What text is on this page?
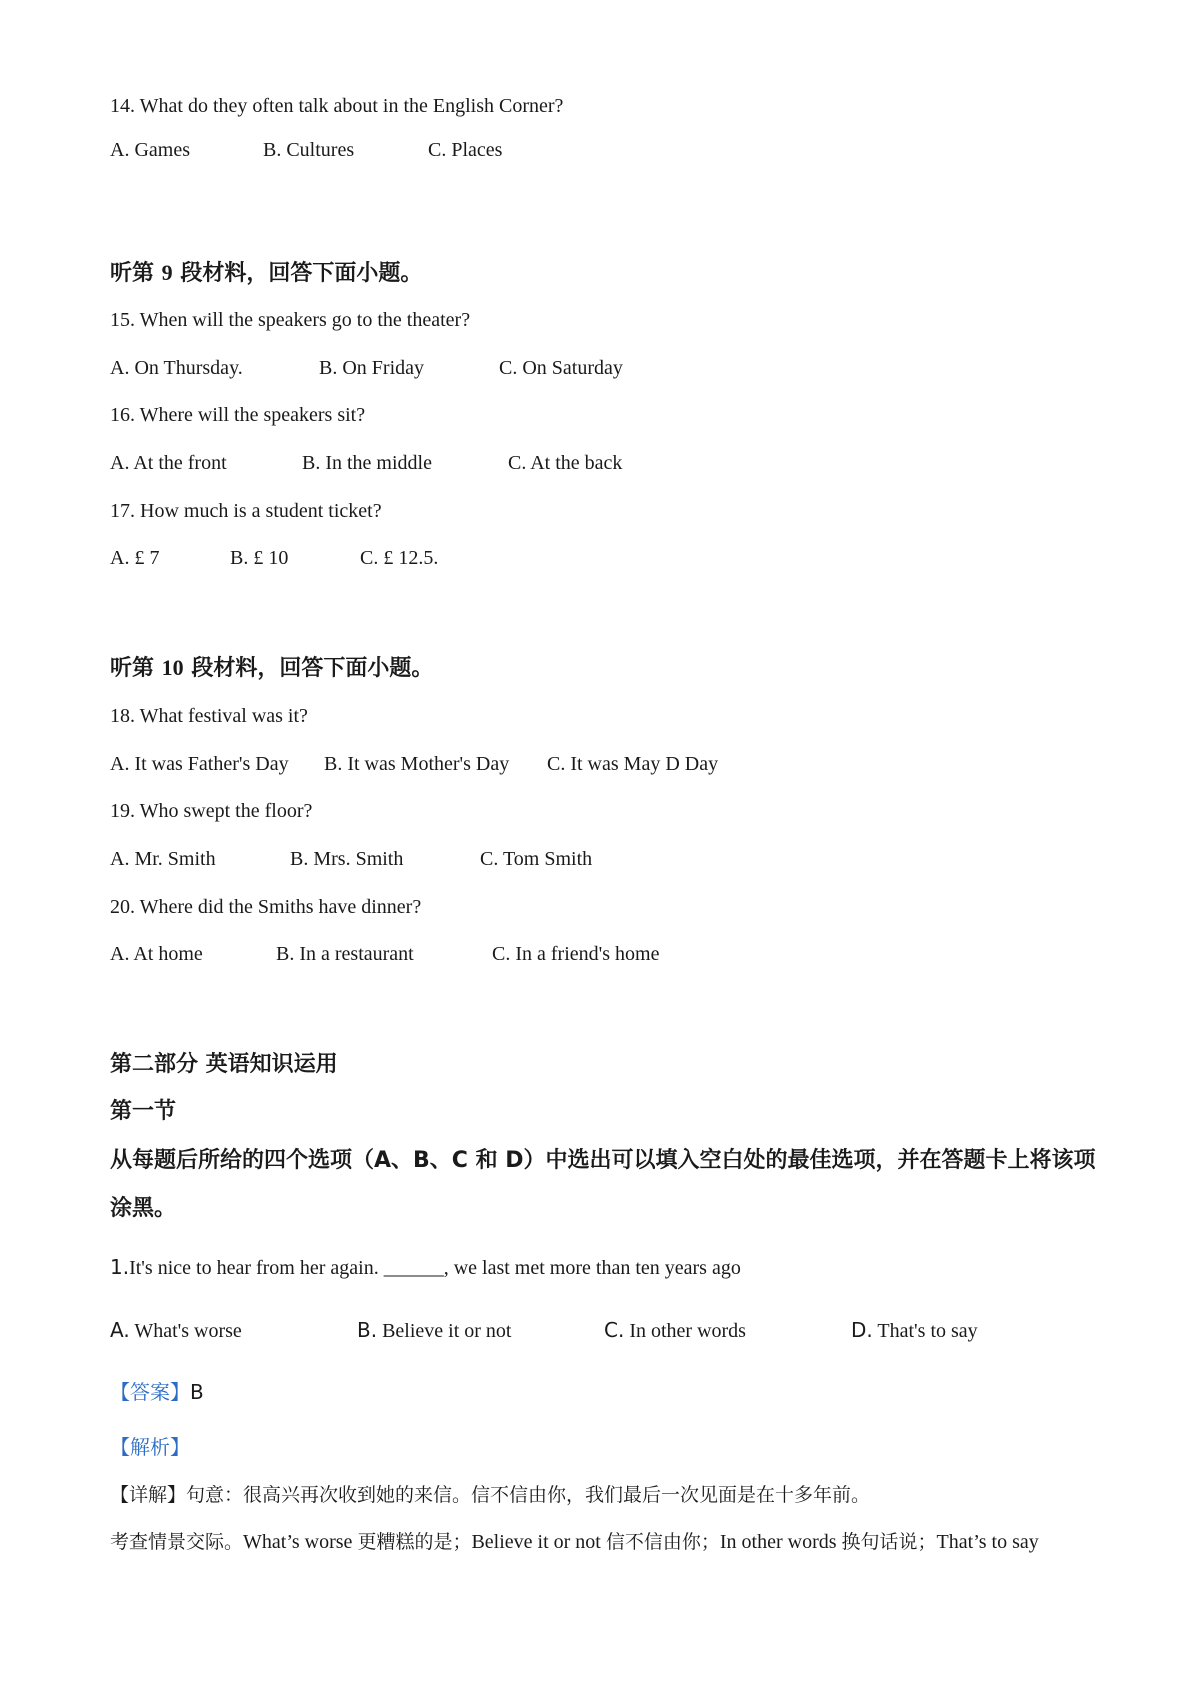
14. What do they often talk about in the English Corner?
A. Games	B. Cultures	C. Places
听第 9 段材料，回答下面小题。
15. When will the speakers go to the theater?
A. On Thursday.	B. On Friday	C. On Saturday
16. Where will the speakers sit?
A. At the front	B. In the middle	C. At the back
17. How much is a student ticket?
A. £ 7	B. £ 10	C. £ 12.5.
听第 10 段材料，回答下面小题。
18. What festival was it?
A. It was Father's Day B. It was Mother's Day C. It was May D Day
19. Who swept the floor?
A. Mr. Smith	B. Mrs. Smith	C. Tom Smith
20. Where did the Smiths have dinner?
A. At home	B. In a restaurant	C. In a friend's home
第二部分 英语知识运用
第一节
从每题后所给的四个选项（A、B、C 和 D）中选出可以填入空白处的最佳选项，并在答题卡上将该项涂黑。
1.It's nice to hear from her again. ______, we last met more than ten years ago
A. What's worse	B. Believe it or not	C. In other words	D. That's to say
【答案】B
【解析】
【详解】句意：很高兴再次收到她的来信。信不信由你，我们最后一次见面是在十多年前。
考查情景交际。What’s worse 更糟糕的是；Believe it or not 信不信由你；In other words 换句话说；That’s to say
